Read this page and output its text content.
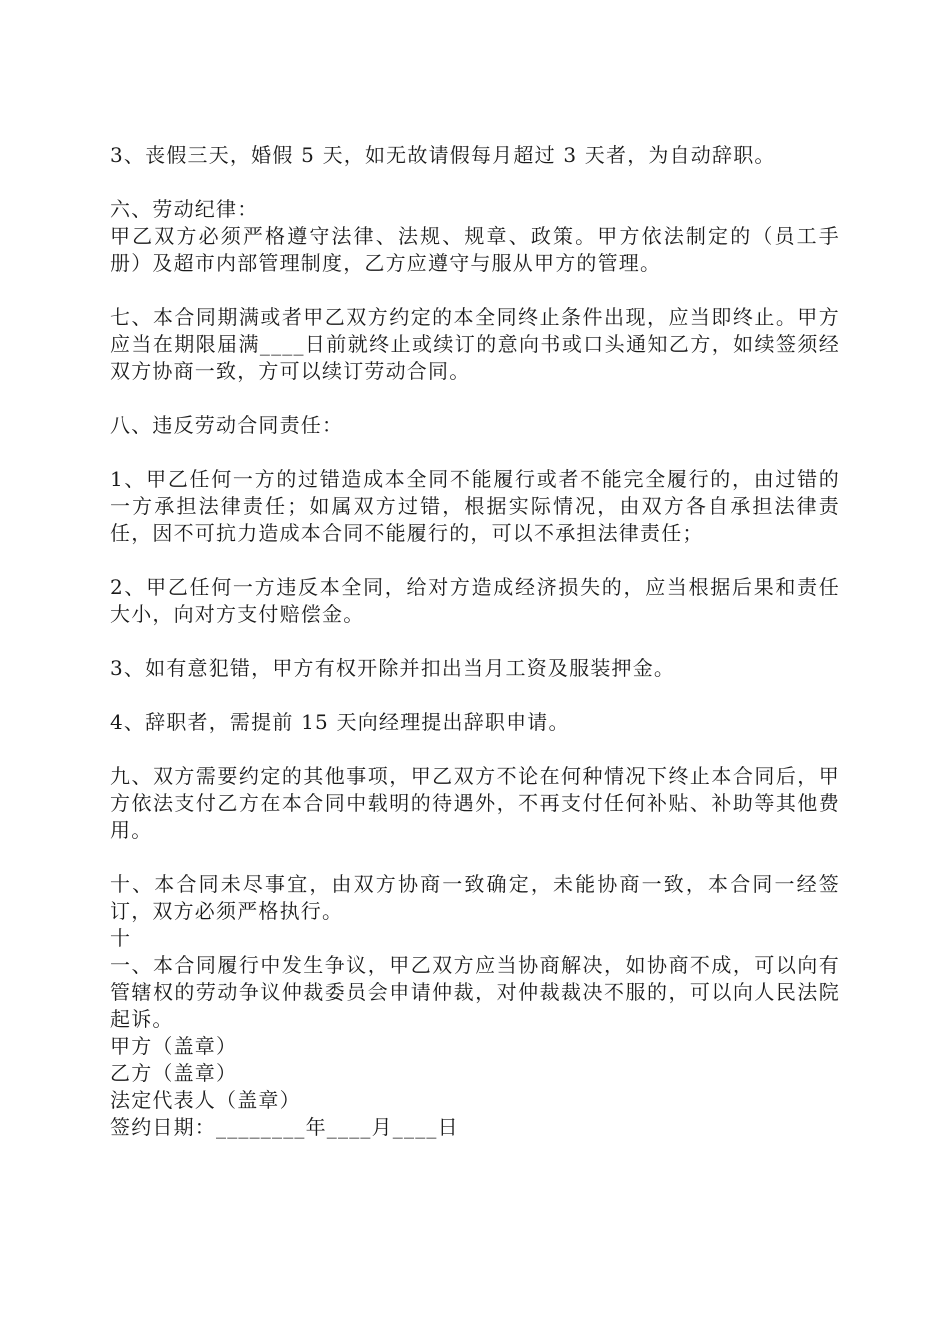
3、丧假三天，婚假 5 天，如无故请假每月超过 3 天者，为自动辞职。

六、劳动纪律：

甲乙双方必须严格遵守法律、法规、规章、政策。甲方依法制定的（员工手册）及超市内部管理制度，乙方应遵守与服从甲方的管理。

七、本合同期满或者甲乙双方约定的本全同终止条件出现，应当即终止。甲方应当在期限届满____日前就终止或续订的意向书或口头通知乙方，如续签须经双方协商一致，方可以续订劳动合同。

八、违反劳动合同责任：

1、甲乙任何一方的过错造成本全同不能履行或者不能完全履行的，由过错的一方承担法律责任；如属双方过错，根据实际情况，由双方各自承担法律责任，因不可抗力造成本合同不能履行的，可以不承担法律责任；

2、甲乙任何一方违反本全同，给对方造成经济损失的，应当根据后果和责任大小，向对方支付赔偿金。

3、如有意犯错，甲方有权开除并扣出当月工资及服装押金。

4、辞职者，需提前 15 天向经理提出辞职申请。

九、双方需要约定的其他事项，甲乙双方不论在何种情况下终止本合同后，甲方依法支付乙方在本合同中载明的待遇外，不再支付任何补贴、补助等其他费用。

十、本合同未尽事宜，由双方协商一致确定，未能协商一致，本合同一经签订，双方必须严格执行。

十

一、本合同履行中发生争议，甲乙双方应当协商解决，如协商不成，可以向有管辖权的劳动争议仲裁委员会申请仲裁，对仲裁裁决不服的，可以向人民法院起诉。

甲方（盖章）

乙方（盖章）

法定代表人（盖章）

签约日期：________年____月____日
